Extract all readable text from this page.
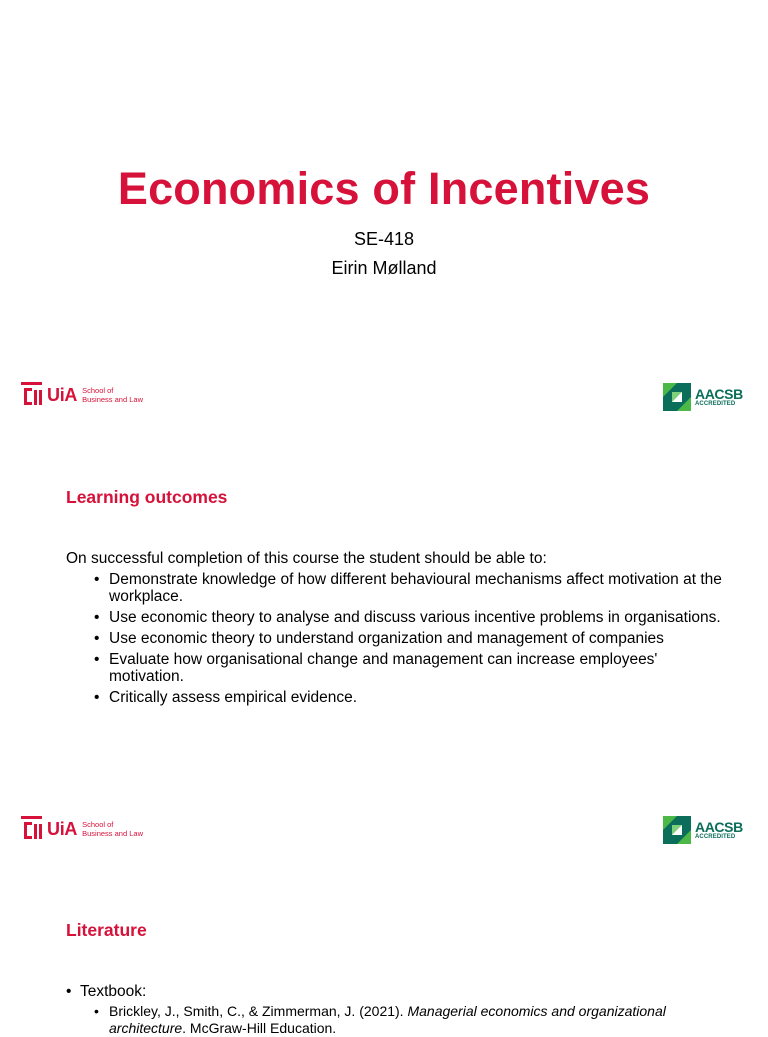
Economics of Incentives
SE-418
Eirin Mølland
UiA School of
Business and Law	AACSB
ACCREDITED
Learning outcomes

On successful completion of this course the student should be able to:

• Demonstrate knowledge of how different behavioural mechanisms affect motivation at the workplace.
• Use economic theory to analyse and discuss various incentive problems in organisations.
• Use economic theory to understand organization and management of companies
• Evaluate how organisational change and management can increase employees' motivation.
• Critically assess empirical evidence.
UiA School of
Business and Law	AACSB
ACCREDITED
Literature
• Textbook:
• Brickley, J., Smith, C., & Zimmerman, J. (2021). Managerial economics and organizational architecture. McGraw-Hill Education.
